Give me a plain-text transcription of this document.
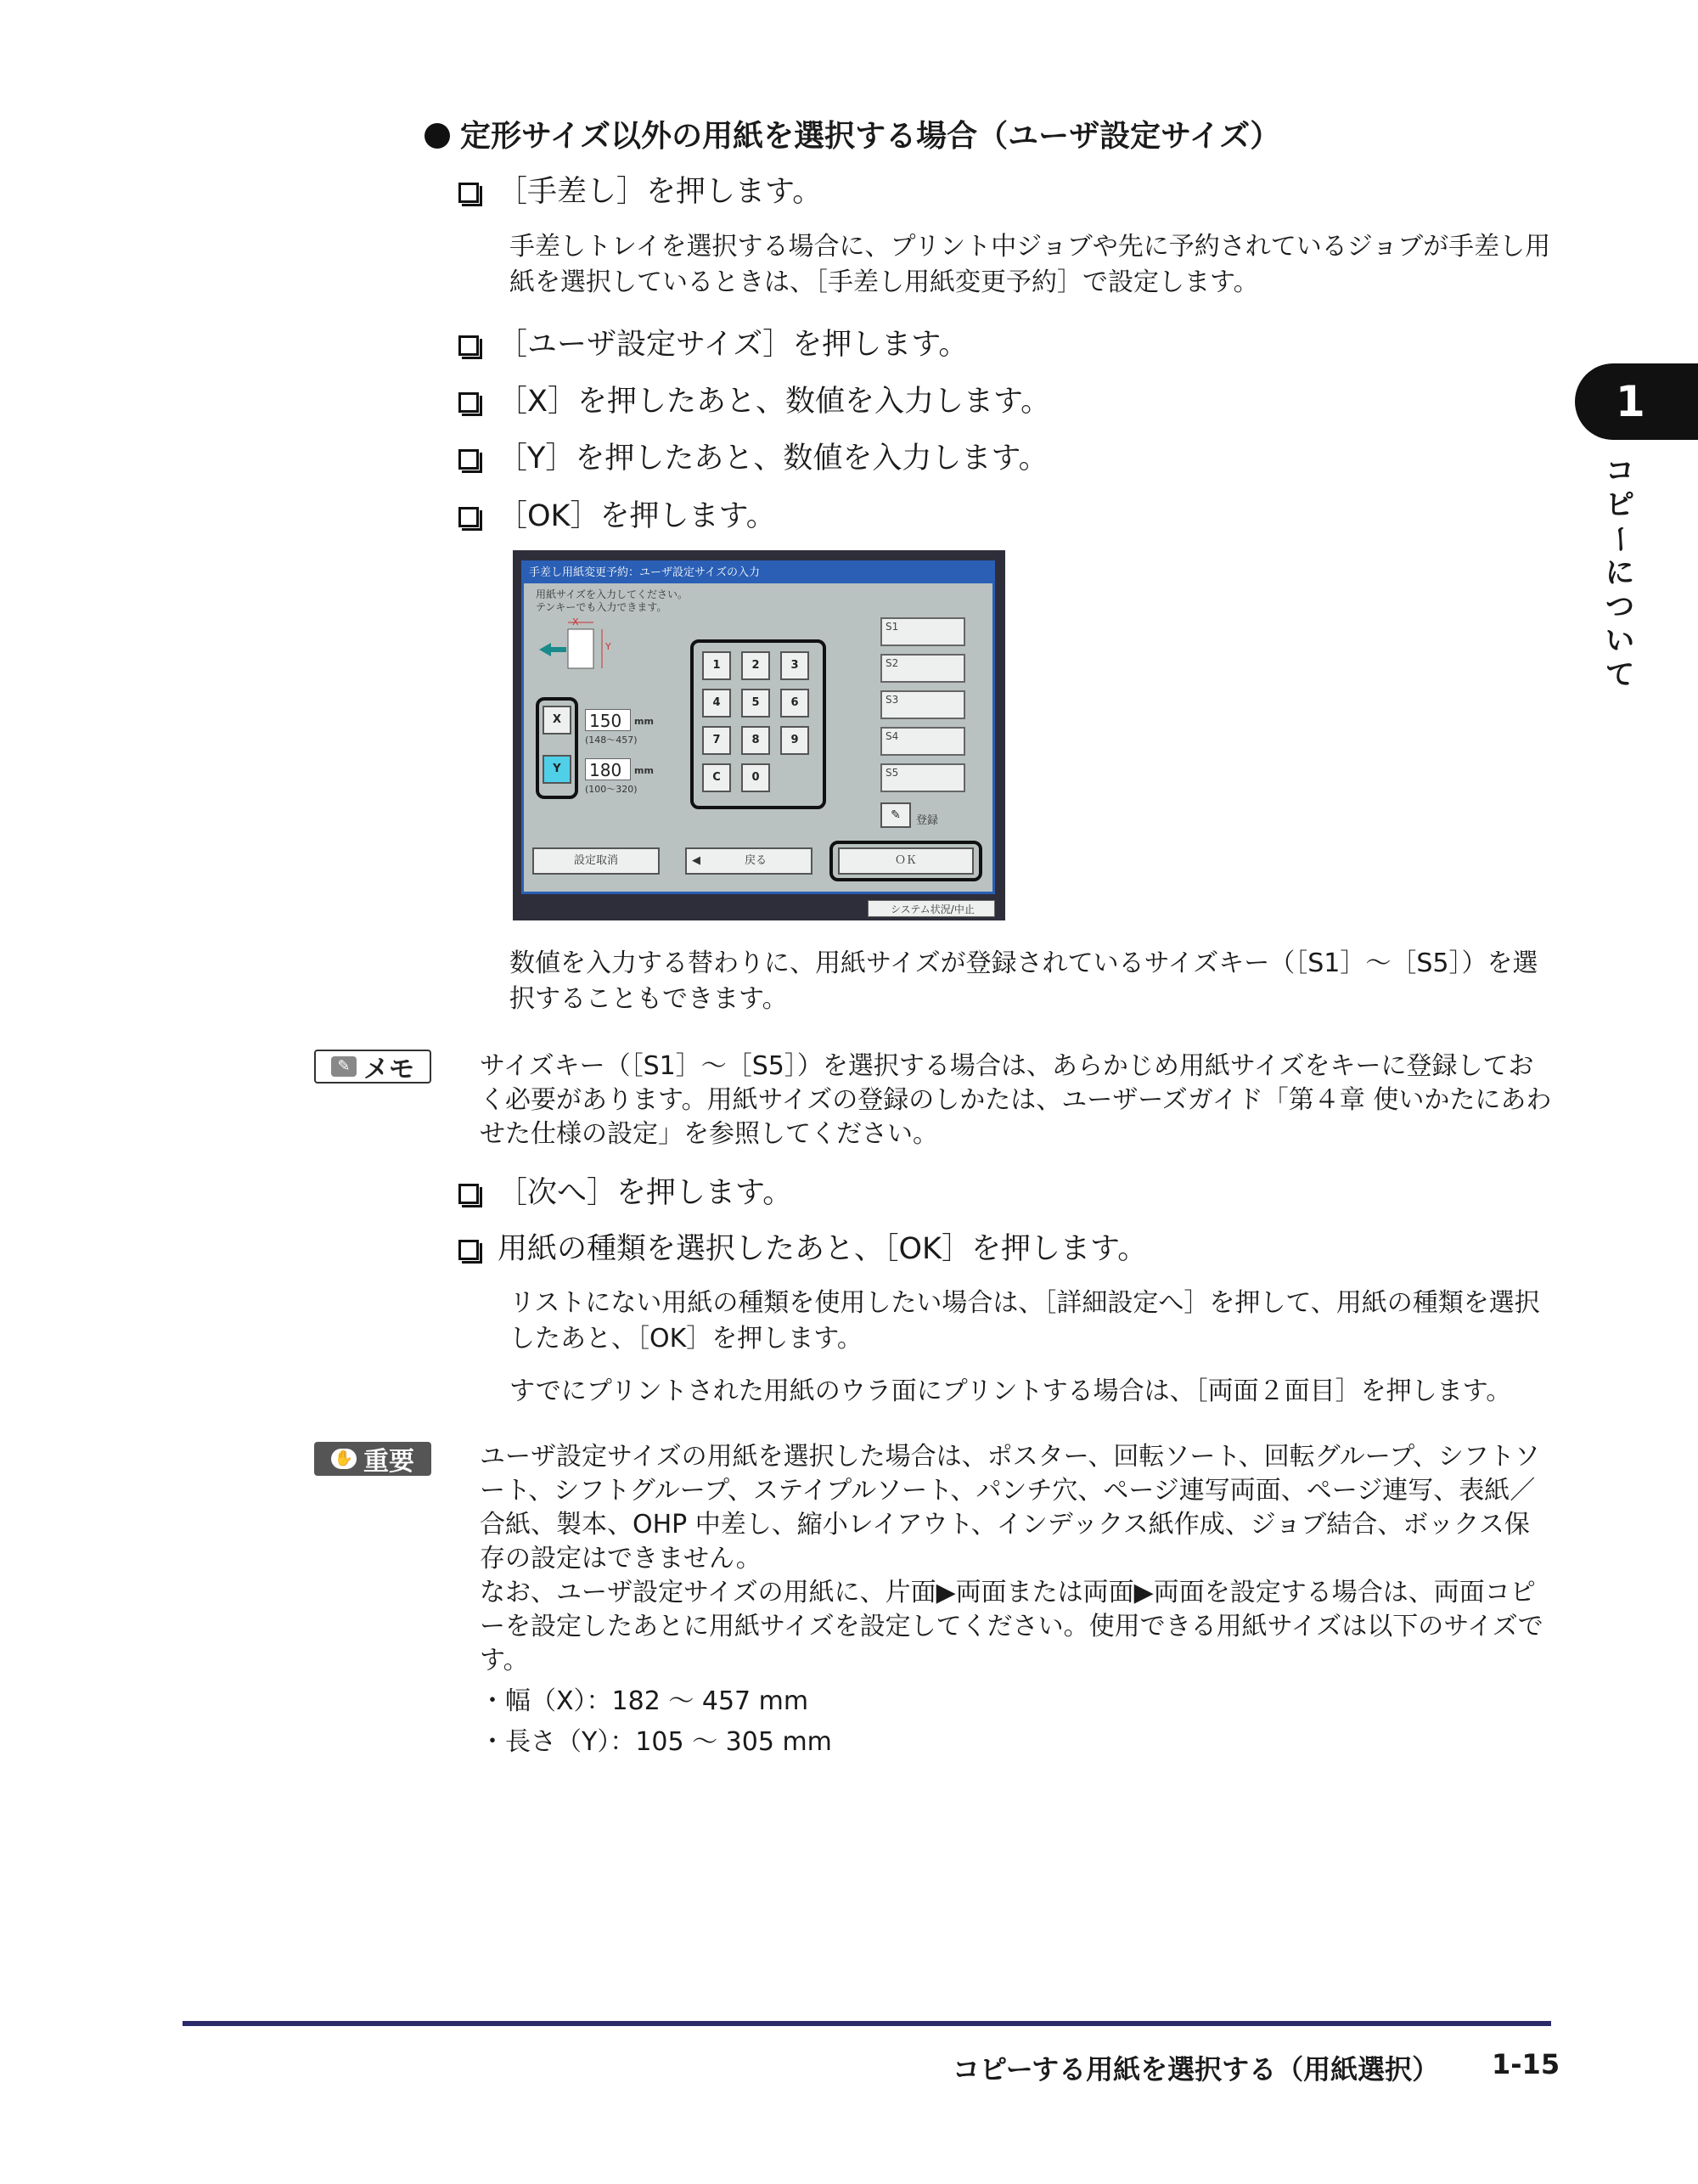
定形サイズ以外の用紙を選択する場合（ユーザ設定サイズ）
［手差し］を押します。
手差しトレイを選択する場合に、プリント中ジョブや先に予約されているジョブが手差し用紙を選択しているときは、［手差し用紙変更予約］で設定します。
［ユーザ設定サイズ］を押します。
［X］を押したあと、数値を入力します。
［Y］を押したあと、数値を入力します。
［OK］を押します。
手差し用紙変更予約：ユーザ設定サイズの入力
用紙サイズを入力してください。
テンキーでも入力できます。
X
Y
X
Y
150	mm
(148〜457)
180	mm
(100〜320)
1	2	3
4	5	6
7	8	9
C	0
S1
S2
S3
S4
S5
✎	登録
設定取消	◀	戻る	ＯＫ
システム状況/中止
数値を入力する替わりに、用紙サイズが登録されているサイズキー（［S1］〜［S5］）を選択することもできます。
✎ メモ	サイズキー（［S1］〜［S5］）を選択する場合は、あらかじめ用紙サイズをキーに登録しておく必要があります。用紙サイズの登録のしかたは、ユーザーズガイド「第４章 使いかたにあわせた仕様の設定」を参照してください。
［次へ］を押します。
用紙の種類を選択したあと、［OK］を押します。
リストにない用紙の種類を使用したい場合は、［詳細設定へ］を押して、用紙の種類を選択したあと、［OK］を押します。
すでにプリントされた用紙のウラ面にプリントする場合は、［両面２面目］を押します。
✋ 重要	ユーザ設定サイズの用紙を選択した場合は、ポスター、回転ソート、回転グループ、シフトソート、シフトグループ、ステイプルソート、パンチ穴、ページ連写両面、ページ連写、表紙／合紙、製本、OHP 中差し、縮小レイアウト、インデックス紙作成、ジョブ結合、ボックス保存の設定はできません。
なお、ユーザ設定サイズの用紙に、片面▶両面または両面▶両面を設定する場合は、両面コピーを設定したあとに用紙サイズを設定してください。使用できる用紙サイズは以下のサイズです。
・幅（X）：182 〜 457 mm
・長さ（Y）：105 〜 305 mm
1
コ
ピ
ー
に
つ
い
て
コピーする用紙を選択する（用紙選択） 1-15
